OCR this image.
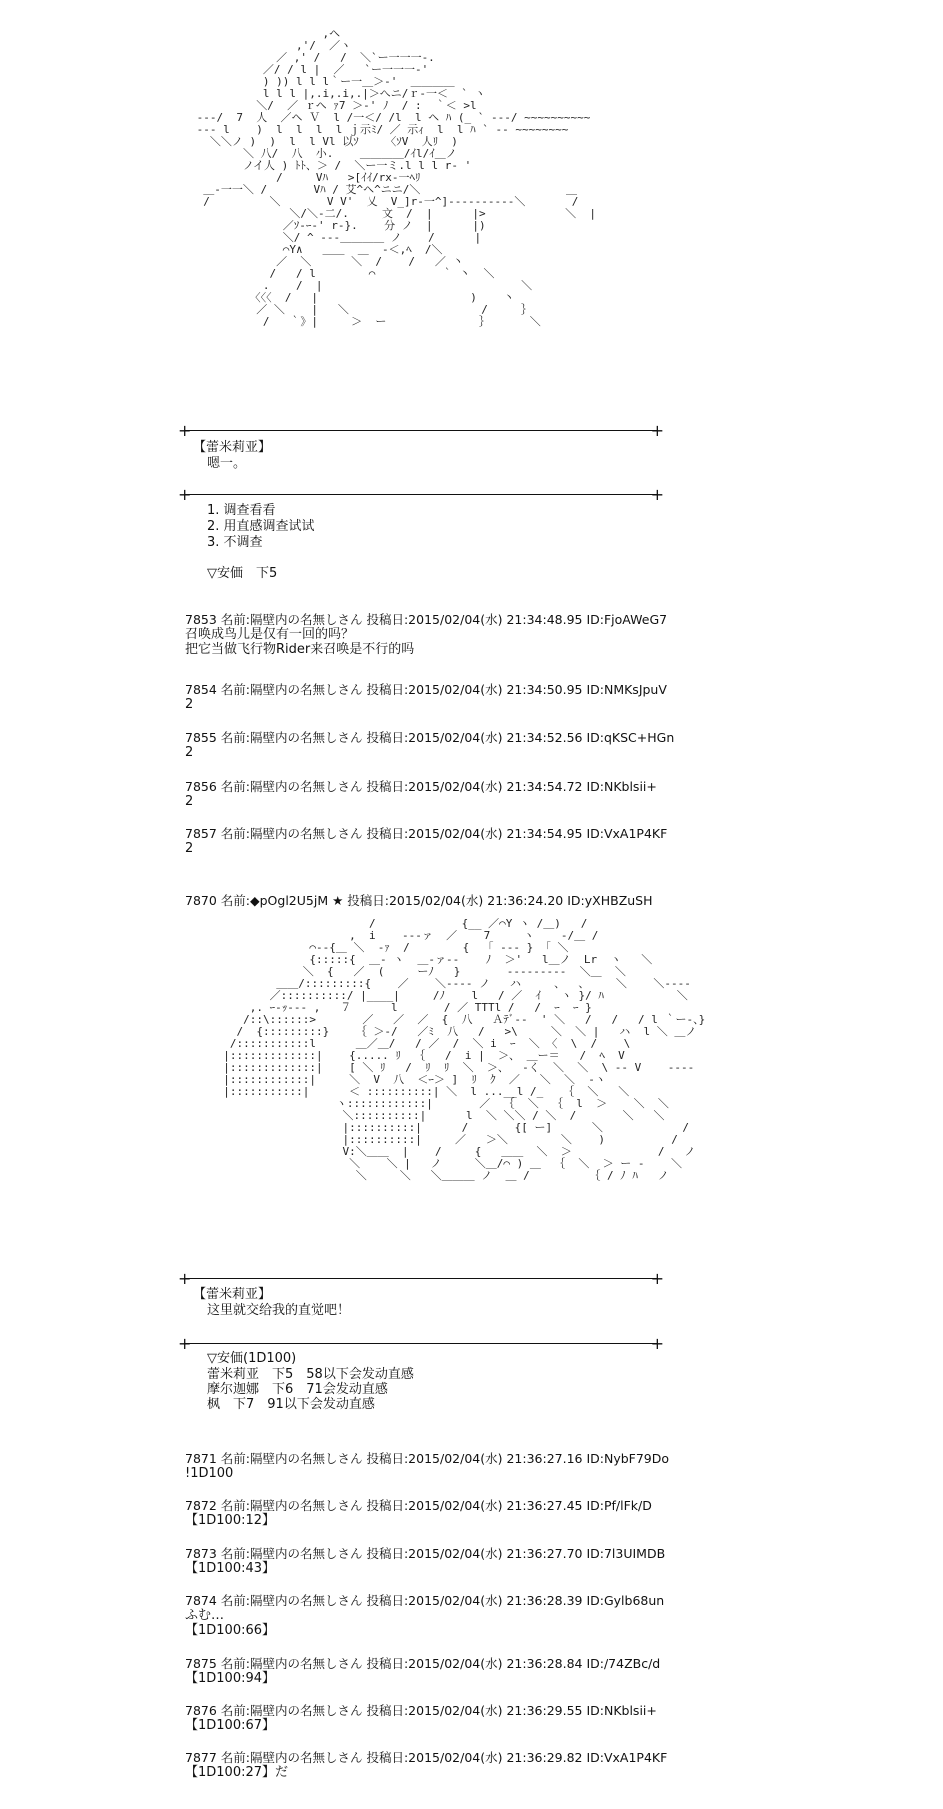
,ヘ
,'/  ／ヽ
／ ,' /   /  ＼`ー一一一‐.
／/ / l |  ／   `ー一一一‐'
) )) l l l｀ー一＿＞-'  ＿＿＿＿
l l l |,.i,.i,.|＞へニ/ｒ‐一＜  ` ヽ
＼/  ／ ｒヘ ｧ7 ＞-' ﾉ  / :  ｀＜ >l
‐‐‐/  7  人  ／ヘ Ｖ  l /一＜/ /l  l ヘ ﾊ (_ ` ‐‐‐/ ~~~~~~~~~~
‐‐‐ l    )  l  l  l  l ｊ示ﾐ/ ／ 示ｨ  l  l ﾊ ` ‐‐ ~~~~~~~~
＼＼ノ )  )  l  l Vl 以ｿ    〈ｿV  人ﾘ  )
＼ 八/  八  小.    ＿＿＿＿/ｲl/ｲ＿ノ
ノイ人 ) ﾄﾄ、＞ /  ＼ー一ミ.l l l r‐ '
/     Vﾊ   >[ｲｲ/rx‐一ﾍﾘ
＿‐一一＼ /       Vﾊ / 艾^ヘ^ニニ/＼                      ＿
/         ＼       V V'  乂  V_]r‐一^]‐‐‐‐‐‐‐‐‐‐＼       /
＼/＼‐二/.     文  /  |      |>            ＼  |
／ｿ‐ｰ‐' r-}.    分 ノ  |      |)
＼/ ^ ‐‐‐＿＿＿＿ ノ    /      |
⌒Y∧   ＿＿  ＿  ‐＜,ﾍ  /＼
／  ＼      ＼  /    /   ／ 丶
/   / l        ⌒          ｀ 丶  ＼
.    /  |                              ＼
〈〈〈  /   |                       )    丶
／ ＼    |   ＼                    /     ｝
/   ｀》|     ＞  ー              ｝      ＼
+ +
【蕾米莉亚】
嗯一。
+ +
1. 调查看看
2. 用直感调查试试
3. 不调查
▽安価　下5
7853 名前:隔壁内の名無しさん 投稿日:2015/02/04(水) 21:34:48.95 ID:FjoAWeG7
召唤成鸟儿是仅有一回的吗？
把它当做飞行物Rider来召唤是不行的吗
7854 名前:隔壁内の名無しさん 投稿日:2015/02/04(水) 21:34:50.95 ID:NMKsJpuV
2
7855 名前:隔壁内の名無しさん 投稿日:2015/02/04(水) 21:34:52.56 ID:qKSC+HGn
2
7856 名前:隔壁内の名無しさん 投稿日:2015/02/04(水) 21:34:54.72 ID:NKblsii+
2
7857 名前:隔壁内の名無しさん 投稿日:2015/02/04(水) 21:34:54.95 ID:VxA1P4KF
2
7870 名前:◆pOgl2U5jM ★ 投稿日:2015/02/04(水) 21:36:24.20 ID:yXHBZuSH
/             {__ ／⌒Y ヽ /＿)   /
,  i    ‐‐‐ァ  ／    7     ヽ    ‐/＿ /
⌒‐‐{＿ ＼  ‐ｧ  /        {  「 ‐‐‐ } 「 ＼
{:::::{  ＿‐ ヽ  ＿‐ァ‐‐    ﾉ  ＞'   l＿ノ  Lr  ヽ   ＼
＼  {   ／  (     ーﾉ   }       ‐‐‐‐‐‐‐‐‐  ＼＿  ＼
＿＿/:::::::::{    ／    ＼‐‐‐‐ ノ   ハ     、  、    ＼    ＼‐‐‐‐
／::::::::::/ |____|     /ﾉ    l   / ／  ｲ   ヽ }/ ﾊ           ＼
,. ｰ‐ｯ‐‐‐ ,   ７      l       / ／ TTTl /   /  ｰ  ｰ }
/::\::::::>       ／   ／  ／  {  八   Ａﾃﾞ--  ' ＼   /   /   / l ｀ー‐、}
/  {:::::::::}    ｛ ＞-/   ／ﾐ  八   /   >\     ＼  ＼ |   ハ  l ＼ ＿ノ
/:::::::::::l      ＿／＿/   / ／  /  ＼ i  ｰ  ＼ 〈  \  /    \
|:::::::::::::|    {..... ﾘ  ｛   /  i |  ＞、 ＿ー＝   /  ﾍ  V
|:::::::::::::|    [ ＼ ﾘ   /  ﾘ  ﾘ  ＼  ＞、  ‐く  ＼  ＼  \ ‐‐ V    ‐‐‐‐
|::::::::::::|     ＼  V  八  ＜ｰ＞ ]  ﾘ  ｸ  ／   ＼  ＼  ‐ヽ
|:::::::::::|      ＜ ::::::::::| ＼  l ...__l /_   ｛  ＼   ＼
ヽ::::::::::::|       ／  ｛  ＼  ｛  l  ＞    ＼  ＼
＼::::::::::|      l  ＼ ＼＼ / ＼  /       ＼   ＼
|::::::::::|      /       {[ ー]      ＼            /
|::::::::::|     ／   ＞＼        ＼    )          /
V:＼＿＿  |    /     {   ＿＿  ＼  ＞             /   ノ
＼    ＼ |   ノ     ＼＿/⌒ ) ＿  ｛  ＼  ＞ ー ‐    ＼
＼     ＼   ＼＿＿＿ ノ  ＿ /         ｛ / ﾉ ﾊ   ノ
+ +
【蕾米莉亚】
这里就交给我的直觉吧！
+ +
▽安価(1D100)
蕾米莉亚　下5　58以下会发动直感
摩尔迦娜　下6　71会发动直感
枫　下7　91以下会发动直感
7871 名前:隔壁内の名無しさん 投稿日:2015/02/04(水) 21:36:27.16 ID:NybF79Do
!1D100
7872 名前:隔壁内の名無しさん 投稿日:2015/02/04(水) 21:36:27.45 ID:Pf/lFk/D
【1D100:12】
7873 名前:隔壁内の名無しさん 投稿日:2015/02/04(水) 21:36:27.70 ID:7l3UIMDB
【1D100:43】
7874 名前:隔壁内の名無しさん 投稿日:2015/02/04(水) 21:36:28.39 ID:Gylb68un
ふむ…
【1D100:66】
7875 名前:隔壁内の名無しさん 投稿日:2015/02/04(水) 21:36:28.84 ID:/74ZBc/d
【1D100:94】
7876 名前:隔壁内の名無しさん 投稿日:2015/02/04(水) 21:36:29.55 ID:NKblsii+
【1D100:67】
7877 名前:隔壁内の名無しさん 投稿日:2015/02/04(水) 21:36:29.82 ID:VxA1P4KF
【1D100:27】だ
